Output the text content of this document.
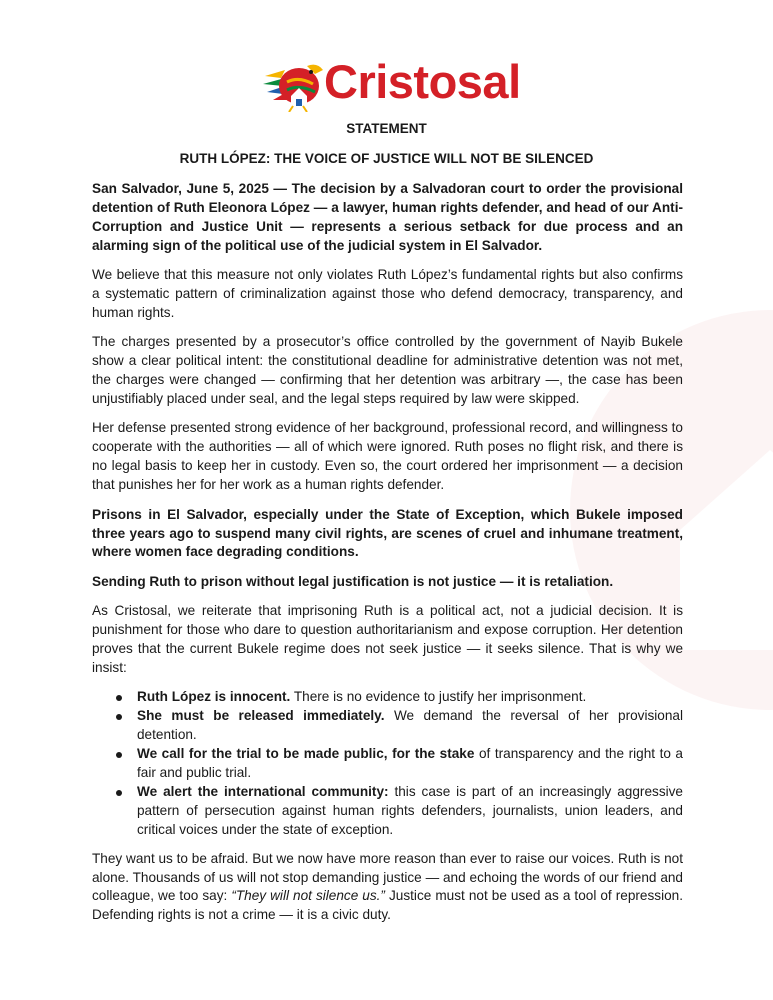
Cristosal
STATEMENT
RUTH LÓPEZ: THE VOICE OF JUSTICE WILL NOT BE SILENCED

San Salvador, June 5, 2025 — The decision by a Salvadoran court to order the provisional detention of Ruth Eleonora López — a lawyer, human rights defender, and head of our Anti-Corruption and Justice Unit — represents a serious setback for due process and an alarming sign of the political use of the judicial system in El Salvador.

We believe that this measure not only violates Ruth López’s fundamental rights but also confirms a systematic pattern of criminalization against those who defend democracy, transparency, and human rights.

The charges presented by a prosecutor’s office controlled by the government of Nayib Bukele show a clear political intent: the constitutional deadline for administrative detention was not met, the charges were changed — confirming that her detention was arbitrary —, the case has been unjustifiably placed under seal, and the legal steps required by law were skipped.

Her defense presented strong evidence of her background, professional record, and willingness to cooperate with the authorities — all of which were ignored. Ruth poses no flight risk, and there is no legal basis to keep her in custody. Even so, the court ordered her imprisonment — a decision that punishes her for her work as a human rights defender.

Prisons in El Salvador, especially under the State of Exception, which Bukele imposed three years ago to suspend many civil rights, are scenes of cruel and inhumane treatment, where women face degrading conditions.

Sending Ruth to prison without legal justification is not justice — it is retaliation.

As Cristosal, we reiterate that imprisoning Ruth is a political act, not a judicial decision. It is punishment for those who dare to question authoritarianism and expose corruption. Her detention proves that the current Bukele regime does not seek justice — it seeks silence. That is why we insist:

Ruth López is innocent. There is no evidence to justify her imprisonment.
She must be released immediately. We demand the reversal of her provisional detention.
We call for the trial to be made public, for the stake of transparency and the right to a fair and public trial.
We alert the international community: this case is part of an increasingly aggressive pattern of persecution against human rights defenders, journalists, union leaders, and critical voices under the state of exception.

They want us to be afraid. But we now have more reason than ever to raise our voices. Ruth is not alone. Thousands of us will not stop demanding justice — and echoing the words of our friend and colleague, we too say: “They will not silence us.” Justice must not be used as a tool of repression. Defending rights is not a crime — it is a civic duty.
